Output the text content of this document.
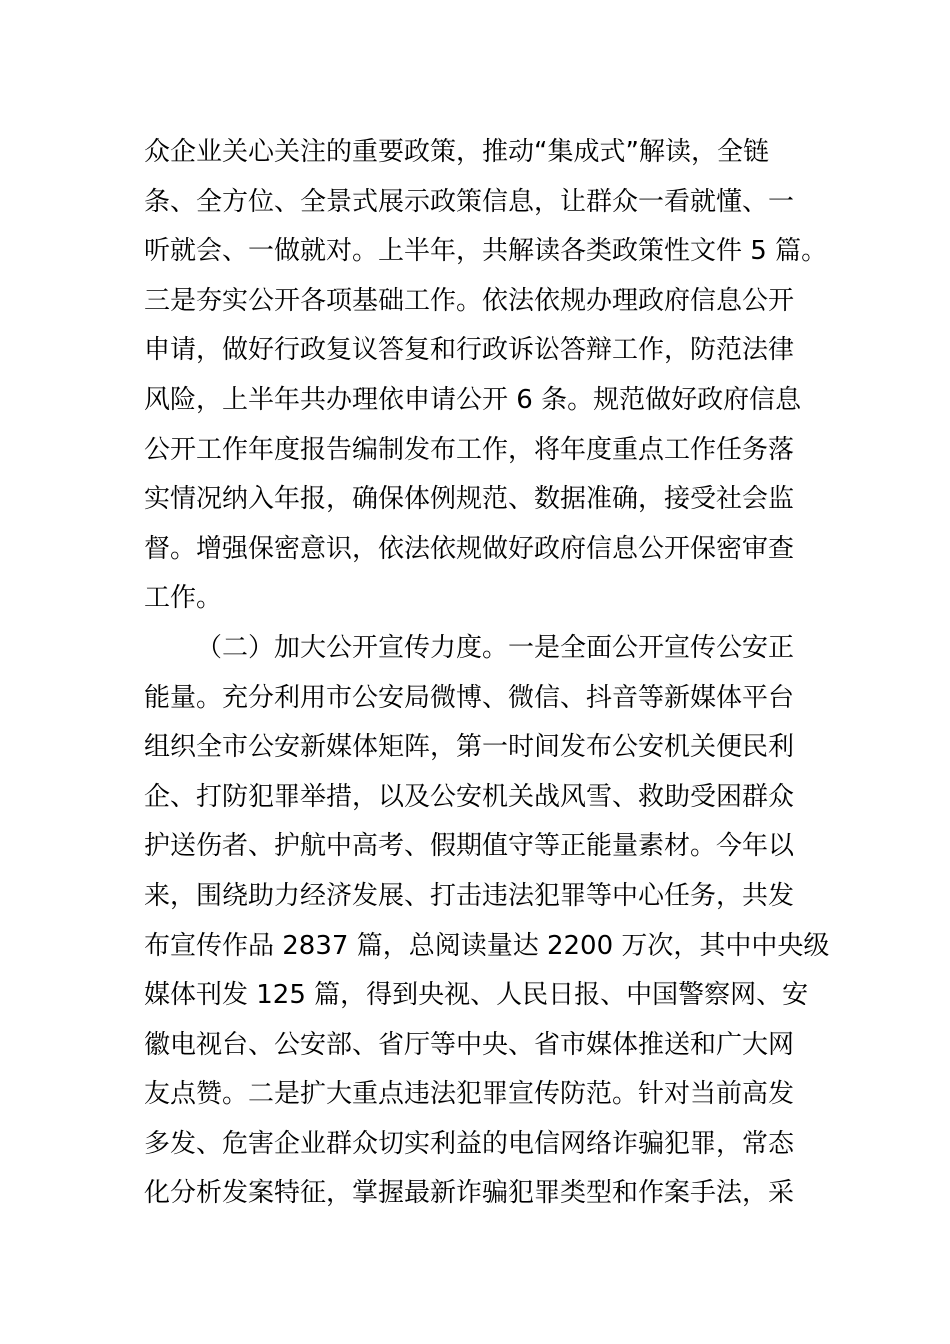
众企业关心关注的重要政策，推动“集成式”解读，全链
条、全方位、全景式展示政策信息，让群众一看就懂、一
听就会、一做就对。上半年，共解读各类政策性文件 5 篇。
三是夯实公开各项基础工作。依法依规办理政府信息公开
申请，做好行政复议答复和行政诉讼答辩工作，防范法律
风险，上半年共办理依申请公开 6 条。规范做好政府信息
公开工作年度报告编制发布工作，将年度重点工作任务落
实情况纳入年报，确保体例规范、数据准确，接受社会监
督。增强保密意识，依法依规做好政府信息公开保密审查
工作。
（二）加大公开宣传力度。一是全面公开宣传公安正
能量。充分利用市公安局微博、微信、抖音等新媒体平台
组织全市公安新媒体矩阵，第一时间发布公安机关便民利
企、打防犯罪举措，以及公安机关战风雪、救助受困群众
护送伤者、护航中高考、假期值守等正能量素材。今年以
来，围绕助力经济发展、打击违法犯罪等中心任务，共发
布宣传作品 2837 篇，总阅读量达 2200 万次，其中中央级
媒体刊发 125 篇，得到央视、人民日报、中国警察网、安
徽电视台、公安部、省厅等中央、省市媒体推送和广大网
友点赞。二是扩大重点违法犯罪宣传防范。针对当前高发
多发、危害企业群众切实利益的电信网络诈骗犯罪，常态
化分析发案特征，掌握最新诈骗犯罪类型和作案手法，采
